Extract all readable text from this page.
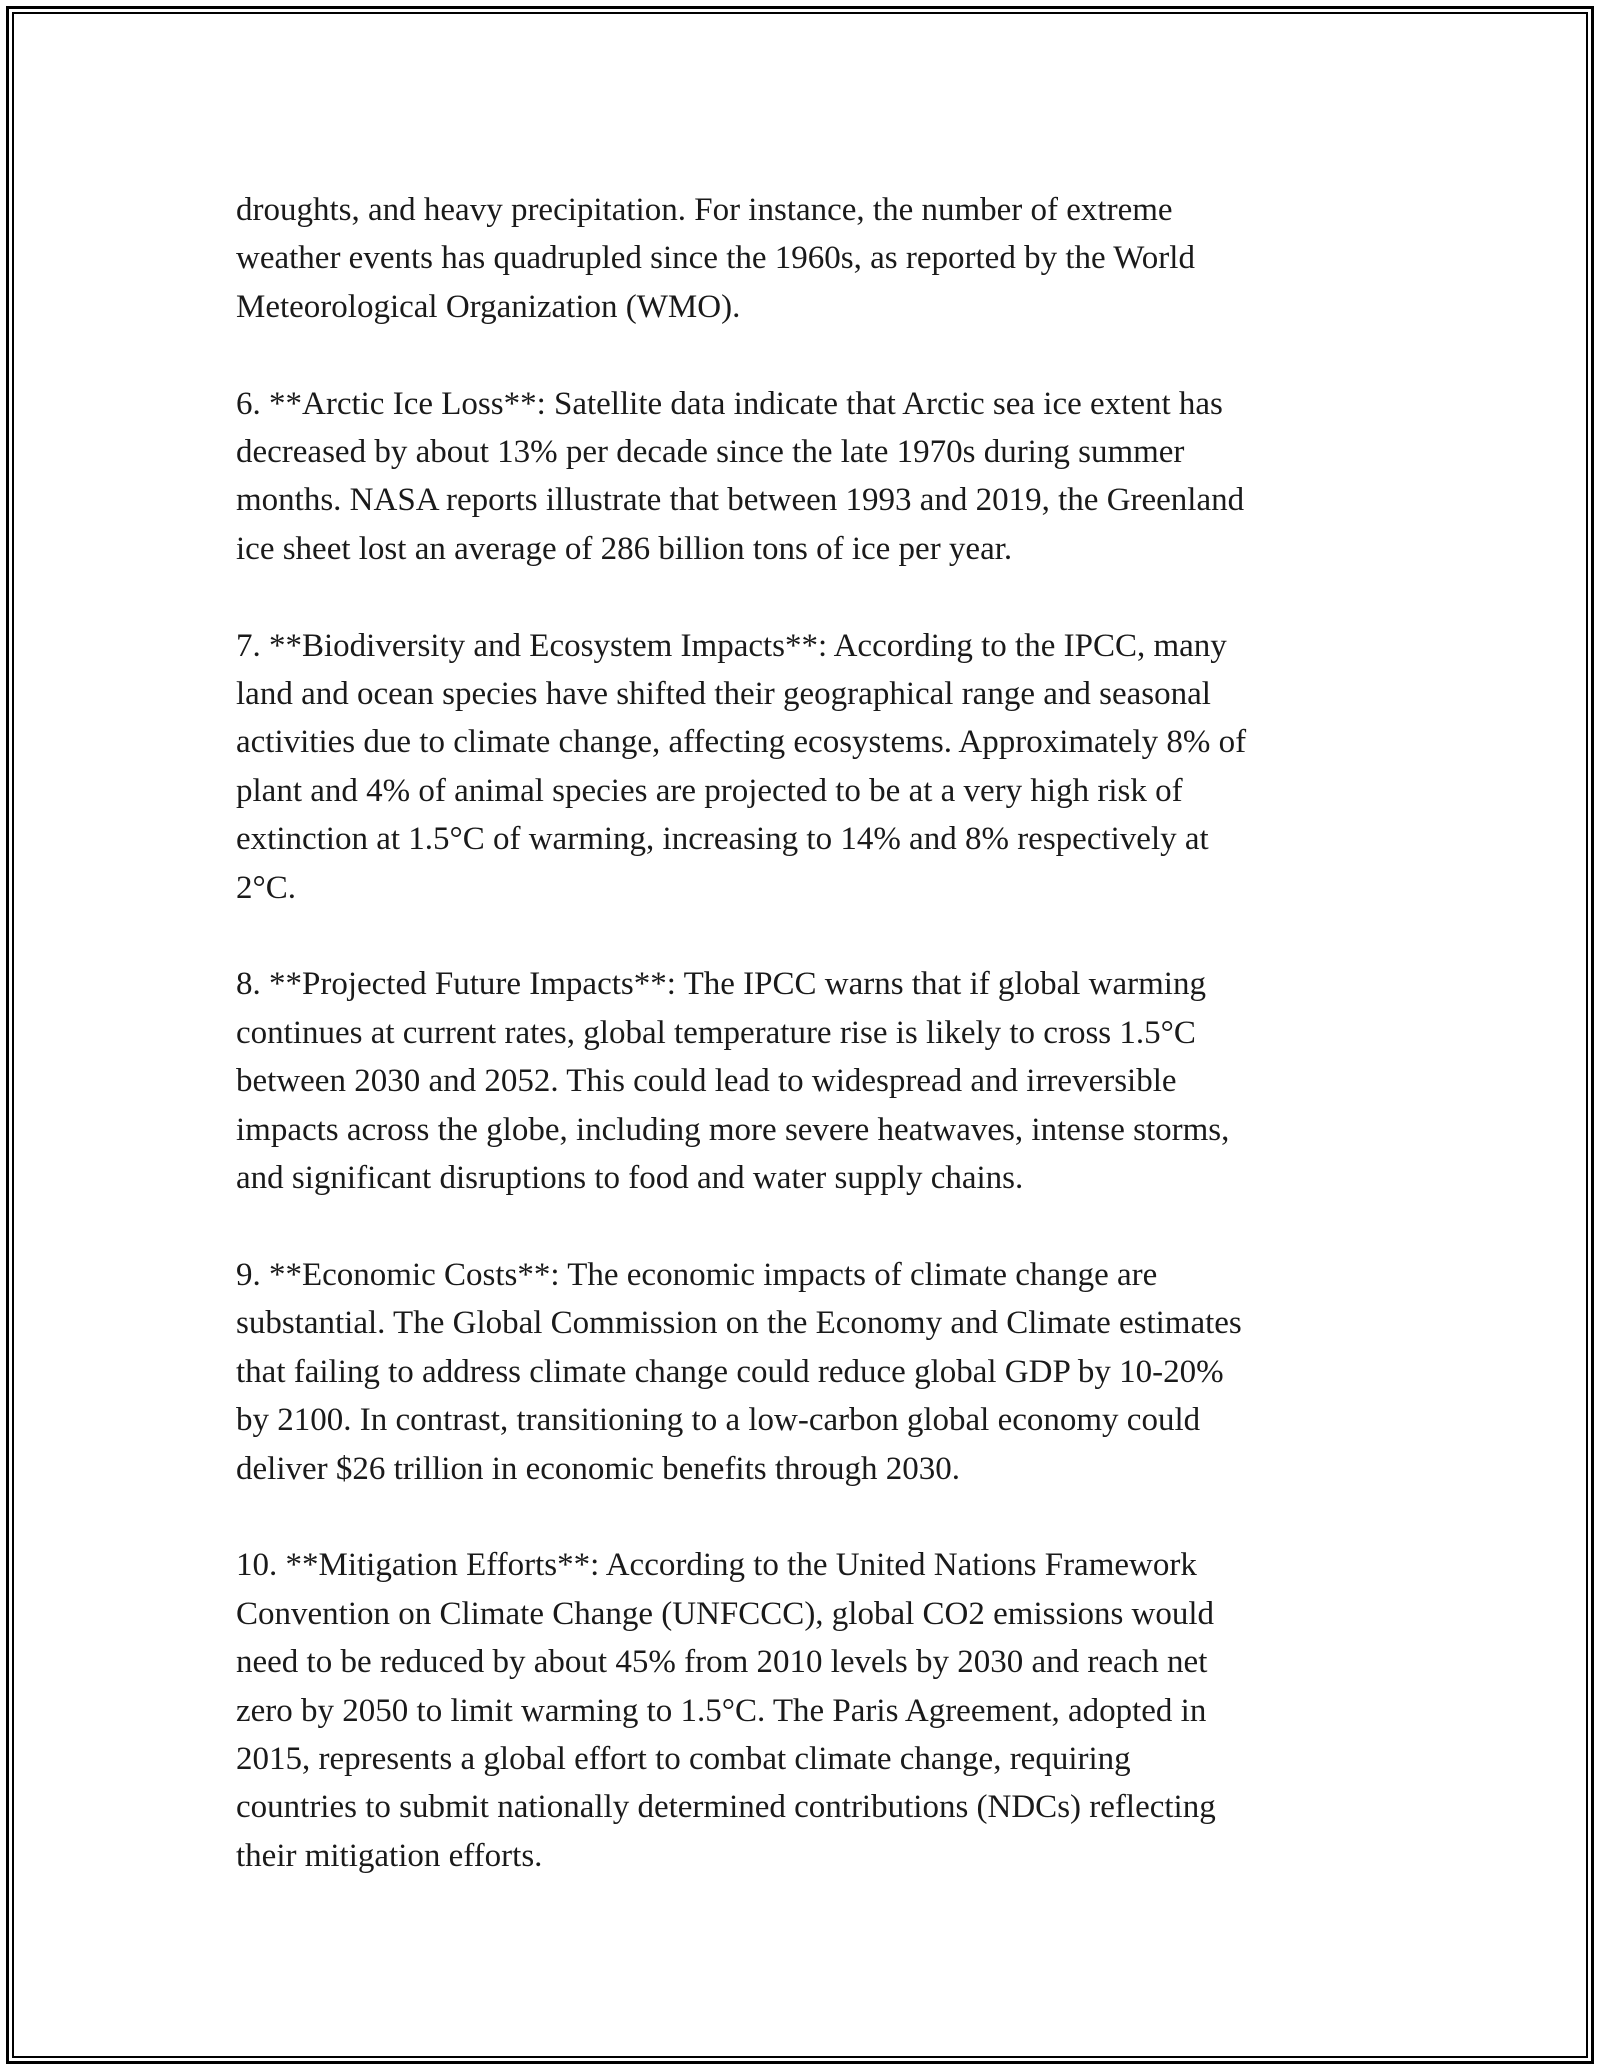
droughts, and heavy precipitation. For instance, the number of extreme
weather events has quadrupled since the 1960s, as reported by the World
Meteorological Organization (WMO).

6. **Arctic Ice Loss**: Satellite data indicate that Arctic sea ice extent has
decreased by about 13% per decade since the late 1970s during summer
months. NASA reports illustrate that between 1993 and 2019, the Greenland
ice sheet lost an average of 286 billion tons of ice per year.

7. **Biodiversity and Ecosystem Impacts**: According to the IPCC, many
land and ocean species have shifted their geographical range and seasonal
activities due to climate change, affecting ecosystems. Approximately 8% of
plant and 4% of animal species are projected to be at a very high risk of
extinction at 1.5°C of warming, increasing to 14% and 8% respectively at
2°C.

8. **Projected Future Impacts**: The IPCC warns that if global warming
continues at current rates, global temperature rise is likely to cross 1.5°C
between 2030 and 2052. This could lead to widespread and irreversible
impacts across the globe, including more severe heatwaves, intense storms,
and significant disruptions to food and water supply chains.

9. **Economic Costs**: The economic impacts of climate change are
substantial. The Global Commission on the Economy and Climate estimates
that failing to address climate change could reduce global GDP by 10-20%
by 2100. In contrast, transitioning to a low-carbon global economy could
deliver $26 trillion in economic benefits through 2030.

10. **Mitigation Efforts**: According to the United Nations Framework
Convention on Climate Change (UNFCCC), global CO2 emissions would
need to be reduced by about 45% from 2010 levels by 2030 and reach net
zero by 2050 to limit warming to 1.5°C. The Paris Agreement, adopted in
2015, represents a global effort to combat climate change, requiring
countries to submit nationally determined contributions (NDCs) reflecting
their mitigation efforts.
